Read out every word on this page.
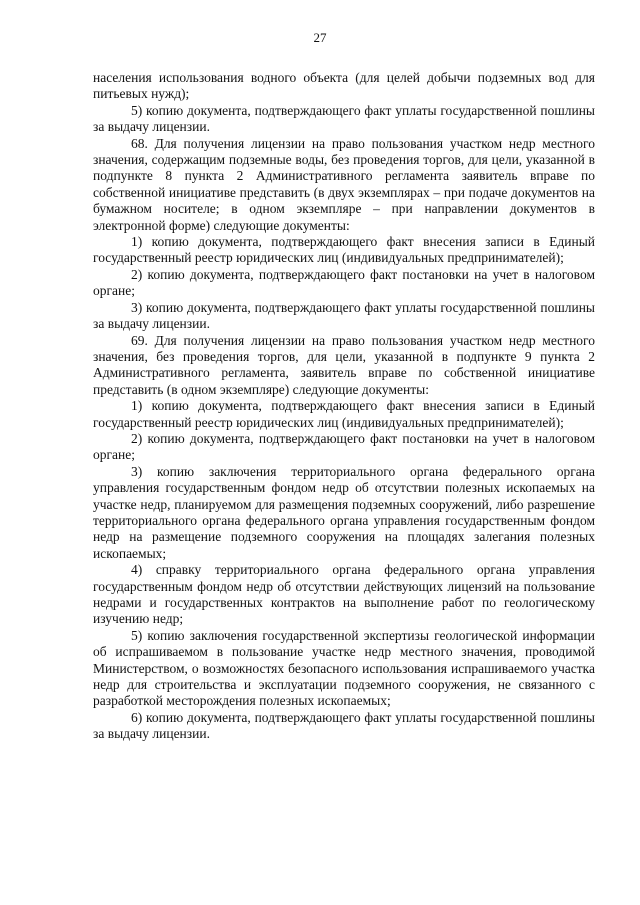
27

населения использования водного объекта (для целей добычи подземных вод для питьевых нужд);

5) копию документа, подтверждающего факт уплаты государственной пошлины за выдачу лицензии.

68. Для получения лицензии на право пользования участком недр местного значения, содержащим подземные воды, без проведения торгов, для цели, указанной в подпункте 8 пункта 2 Административного регламента заявитель вправе по собственной инициативе представить (в двух экземплярах – при подаче документов на бумажном носителе; в одном экземпляре – при направлении документов в электронной форме) следующие документы:

1) копию документа, подтверждающего факт внесения записи в Единый государственный реестр юридических лиц (индивидуальных предпринимателей);

2) копию документа, подтверждающего факт постановки на учет в налоговом органе;

3) копию документа, подтверждающего факт уплаты государственной пошлины за выдачу лицензии.

69. Для получения лицензии на право пользования участком недр местного значения, без проведения торгов, для цели, указанной в подпункте 9 пункта 2 Административного регламента, заявитель вправе по собственной инициативе представить (в одном экземпляре) следующие документы:

1) копию документа, подтверждающего факт внесения записи в Единый государственный реестр юридических лиц (индивидуальных предпринимателей);

2) копию документа, подтверждающего факт постановки на учет в налоговом органе;

3) копию заключения территориального органа федерального органа управления государственным фондом недр об отсутствии полезных ископаемых на участке недр, планируемом для размещения подземных сооружений, либо разрешение территориального органа федерального органа управления государственным фондом недр на размещение подземного сооружения на площадях залегания полезных ископаемых;

4) справку территориального органа федерального органа управления государственным фондом недр об отсутствии действующих лицензий на пользование недрами и государственных контрактов на выполнение работ по геологическому изучению недр;

5) копию заключения государственной экспертизы геологической информации об испрашиваемом в пользование участке недр местного значения, проводимой Министерством, о возможностях безопасного использования испрашиваемого участка недр для строительства и эксплуатации подземного сооружения, не связанного с разработкой месторождения полезных ископаемых;

6) копию документа, подтверждающего факт уплаты государственной пошлины за выдачу лицензии.
